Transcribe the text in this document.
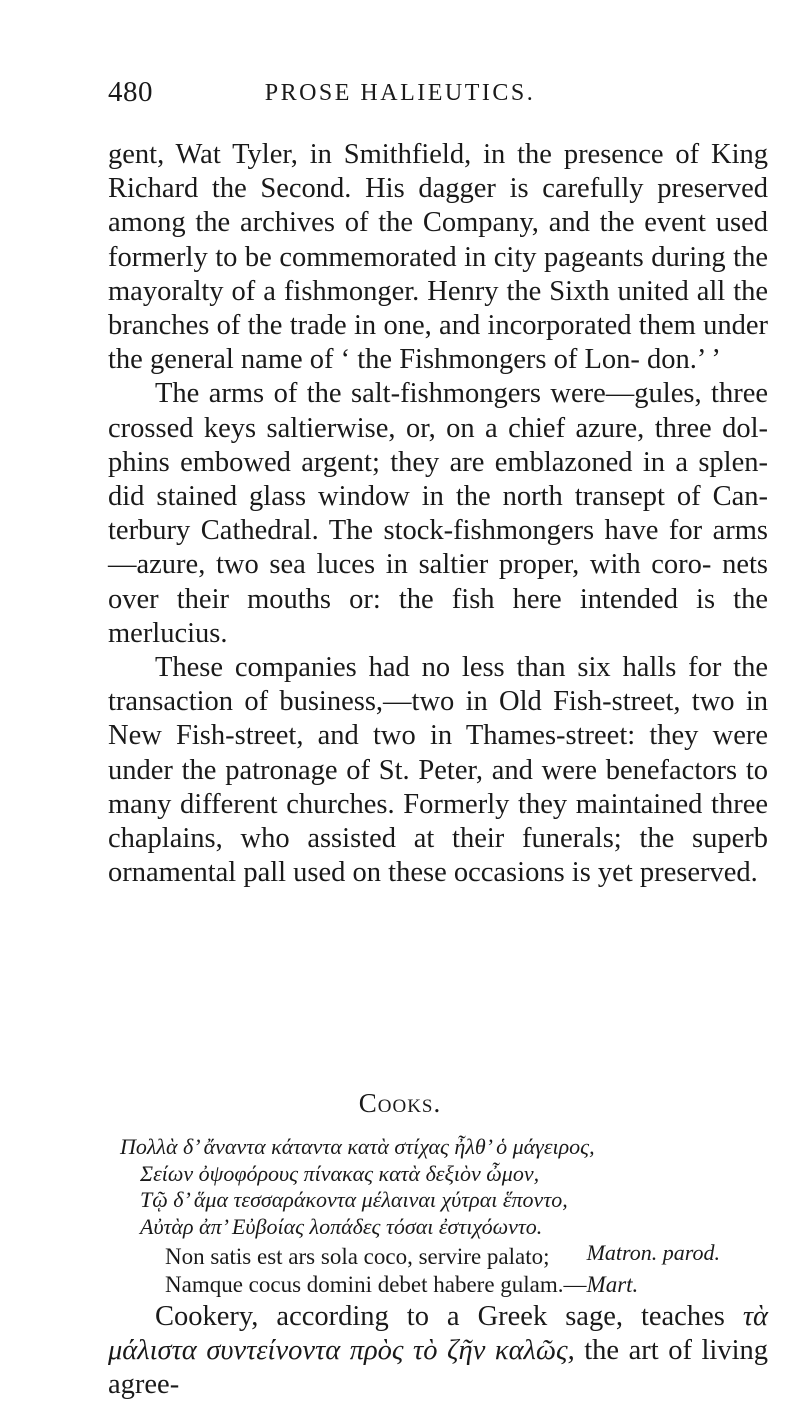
480	PROSE HALIEUTICS.

gent, Wat Tyler, in Smithfield, in the presence of King Richard the Second. His dagger is carefully preserved among the archives of the Company, and the event used formerly to be commemorated in city pageants during the mayoralty of a fishmonger. Henry the Sixth united all the branches of the trade in one, and incorporated them under the general name of ‘ the Fishmongers of Lon- don.’ ’

The arms of the salt-fishmongers were—gules, three crossed keys saltierwise, or, on a chief azure, three dol- phins embowed argent; they are emblazoned in a splen- did stained glass window in the north transept of Can- terbury Cathedral. The stock-fishmongers have for arms—azure, two sea luces in saltier proper, with coro- nets over their mouths or: the fish here intended is the merlucius.

These companies had no less than six halls for the transaction of business,—two in Old Fish-street, two in New Fish-street, and two in Thames-street: they were under the patronage of St. Peter, and were benefactors to many different churches. Formerly they maintained three chaplains, who assisted at their funerals; the superb ornamental pall used on these occasions is yet preserved.

Cooks.

Πολλὰ δ’ ἄναντα κάταντα κατὰ στίχας ἦλθ’ ὁ μάγειρος,

Σείων ὀψοφόρους πίνακας κατὰ δεξιὸν ὦμον,

Τῷ δ’ ἅμα τεσσαράκοντα μέλαιναι χύτραι ἕποντο,

Αὐτὰρ ἀπ’ Εὐβοίας λοπάδες τόσαι ἐστιχόωντο.

Matron. parod.

Non satis est ars sola coco, servire palato;

Namque cocus domini debet habere gulam.—Mart.

Cookery, according to a Greek sage, teaches τὰ μάλιστα συντείνοντα πρὸς τὸ ζῆν καλῶς, the art of living agree-
